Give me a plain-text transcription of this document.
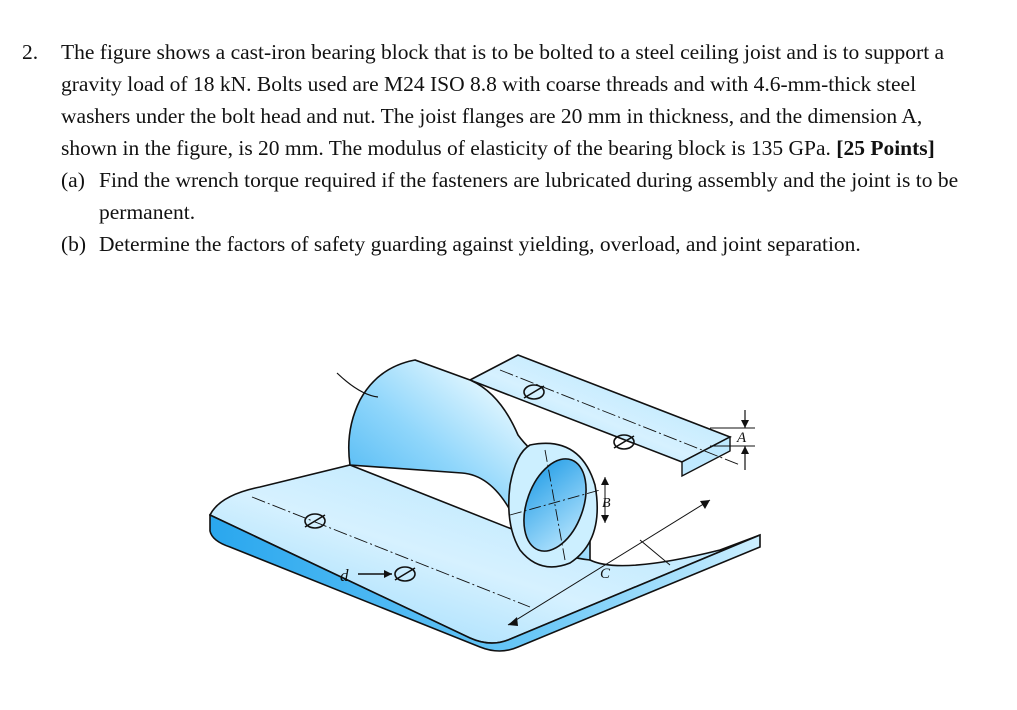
2. The figure shows a cast-iron bearing block that is to be bolted to a steel ceiling joist and is to support a gravity load of 18 kN. Bolts used are M24 ISO 8.8 with coarse threads and with 4.6-mm-thick steel washers under the bolt head and nut. The joist flanges are 20 mm in thickness, and the dimension A, shown in the figure, is 20 mm. The modulus of elasticity of the bearing block is 135 GPa. [25 Points]
(a) Find the wrench torque required if the fasteners are lubricated during assembly and the joint is to be permanent.
(b) Determine the factors of safety guarding against yielding, overload, and joint separation.
d
A
B
C
